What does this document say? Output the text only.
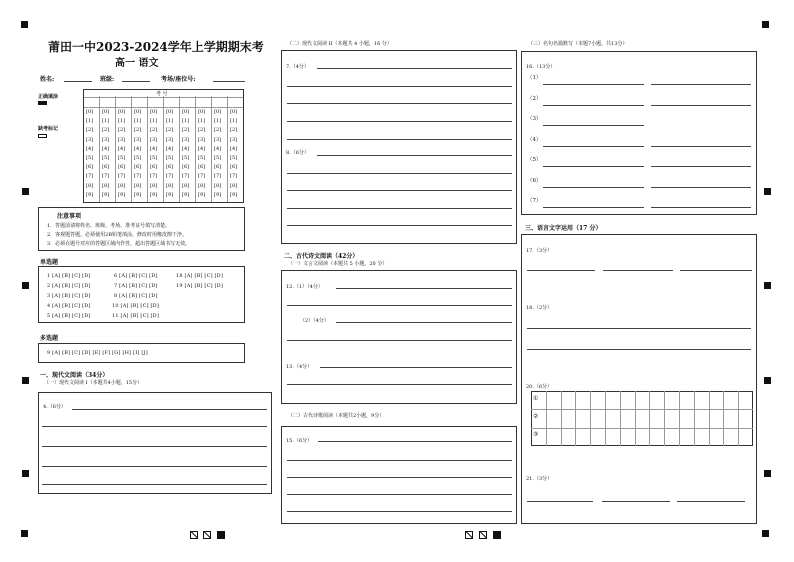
莆田一中2023-2024学年上学期期末考
高一 语文
姓名:	班级:	考场/座位号:
正确填涂
缺考标记
考 号
[0]
[1]
[2]
[3]
[4]
[5]
[6]
[7]
[8]
[9]
[0]
[1]
[2]
[3]
[4]
[5]
[6]
[7]
[8]
[9]
[0]
[1]
[2]
[3]
[4]
[5]
[6]
[7]
[8]
[9]
[0]
[1]
[2]
[3]
[4]
[5]
[6]
[7]
[8]
[9]
[0]
[1]
[2]
[3]
[4]
[5]
[6]
[7]
[8]
[9]
[0]
[1]
[2]
[3]
[4]
[5]
[6]
[7]
[8]
[9]
[0]
[1]
[2]
[3]
[4]
[5]
[6]
[7]
[8]
[9]
[0]
[1]
[2]
[3]
[4]
[5]
[6]
[7]
[8]
[9]
[0]
[1]
[2]
[3]
[4]
[5]
[6]
[7]
[8]
[9]
[0]
[1]
[2]
[3]
[4]
[5]
[6]
[7]
[8]
[9]
注意事项
1．答题前请将姓名、班级、考场、准考证号填写清楚。
2．客观题答题，必须使用2B铅笔填涂，修改时用橡皮擦干净。
3．必须在题号对应的答题区域内作答，超出答题区域书写无效。
单选题
1 [A] [B] [C] [D]
2 [A] [B] [C] [D]
3 [A] [B] [C] [D]
4 [A] [B] [C] [D]
5 [A] [B] [C] [D]
6 [A] [B] [C] [D]
7 [A] [B] [C] [D]
8 [A] [B] [C] [D]
10 [A] [B] [C] [D]
11 [A] [B] [C] [D]
18 [A] [B] [C] [D]
19 [A] [B] [C] [D]
多选题
9 [A] [B] [C] [D] [E] [F] [G] [H] [I] [J]
一、现代文阅读（34分）
（一）现代文阅读 I（本题共4小题，15分）
4.（6分）
（二）现代文阅读 II（本题共 4 小题，16 分）
7.（4分）
8.（6分）
二、古代诗文阅读（42分）
（一）文言文阅读（本题共 5 小题，20 分）
12.（1）（4分）
（2）（4分）
13.（4分）
（二）古代诗歌阅读（本题共2小题，9分）
15.（6分）
（三）名句名篇默写（本题7小题，共13分）
16.（13分）
（1）
（2）
（3）
（4）
（5）
（6）
（7）
三、语言文字运用（17 分）
17.（3分）
18.（2分）
20.（6分）
21.（3分）
①
②
③
